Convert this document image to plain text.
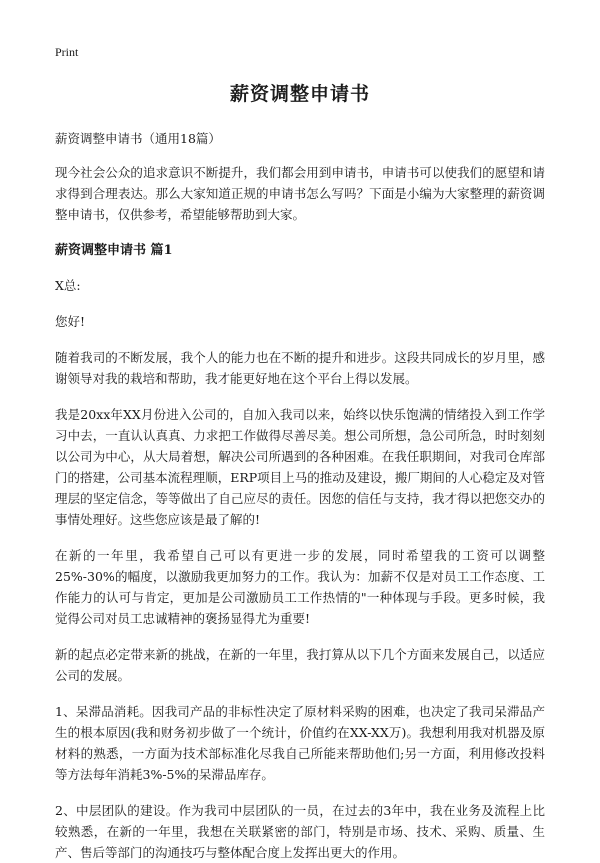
Print
薪资调整申请书

薪资调整申请书（通用18篇）

现今社会公众的追求意识不断提升，我们都会用到申请书，申请书可以使我们的愿望和请求得到合理表达。那么大家知道正规的申请书怎么写吗？下面是小编为大家整理的薪资调整申请书，仅供参考，希望能够帮助到大家。

薪资调整申请书 篇1

X总:

您好!

随着我司的不断发展，我个人的能力也在不断的提升和进步。这段共同成长的岁月里，感谢领导对我的栽培和帮助，我才能更好地在这个平台上得以发展。

我是20xx年XX月份进入公司的，自加入我司以来，始终以快乐饱满的情绪投入到工作学习中去，一直认认真真、力求把工作做得尽善尽美。想公司所想，急公司所急，时时刻刻以公司为中心，从大局着想，解决公司所遇到的各种困难。在我任职期间，对我司仓库部门的搭建，公司基本流程理顺，ERP项目上马的推动及建设，搬厂期间的人心稳定及对管理层的坚定信念，等等做出了自己应尽的责任。因您的信任与支持，我才得以把您交办的事情处理好。这些您应该是最了解的!

在新的一年里，我希望自己可以有更进一步的发展，同时希望我的工资可以调整25%-30%的幅度，以激励我更加努力的工作。我认为：加薪不仅是对员工工作态度、工作能力的认可与肯定，更加是公司激励员工工作热情的"一种体现与手段。更多时候，我觉得公司对员工忠诚精神的褒扬显得尤为重要!

新的起点必定带来新的挑战，在新的一年里，我打算从以下几个方面来发展自己，以适应公司的发展。

1、呆滞品消耗。因我司产品的非标性决定了原材料采购的困难，也决定了我司呆滞品产生的根本原因(我和财务初步做了一个统计，价值约在XX-XX万)。我想利用我对机器及原材料的熟悉，一方面为技术部标准化尽我自己所能来帮助他们;另一方面，利用修改投料等方法每年消耗3%-5%的呆滞品库存。

2、中层团队的建设。作为我司中层团队的一员，在过去的3年中，我在业务及流程上比较熟悉，在新的一年里，我想在关联紧密的部门，特别是市场、技术、采购、质量、生产、售后等部门的沟通技巧与整体配合度上发挥出更大的作用。
